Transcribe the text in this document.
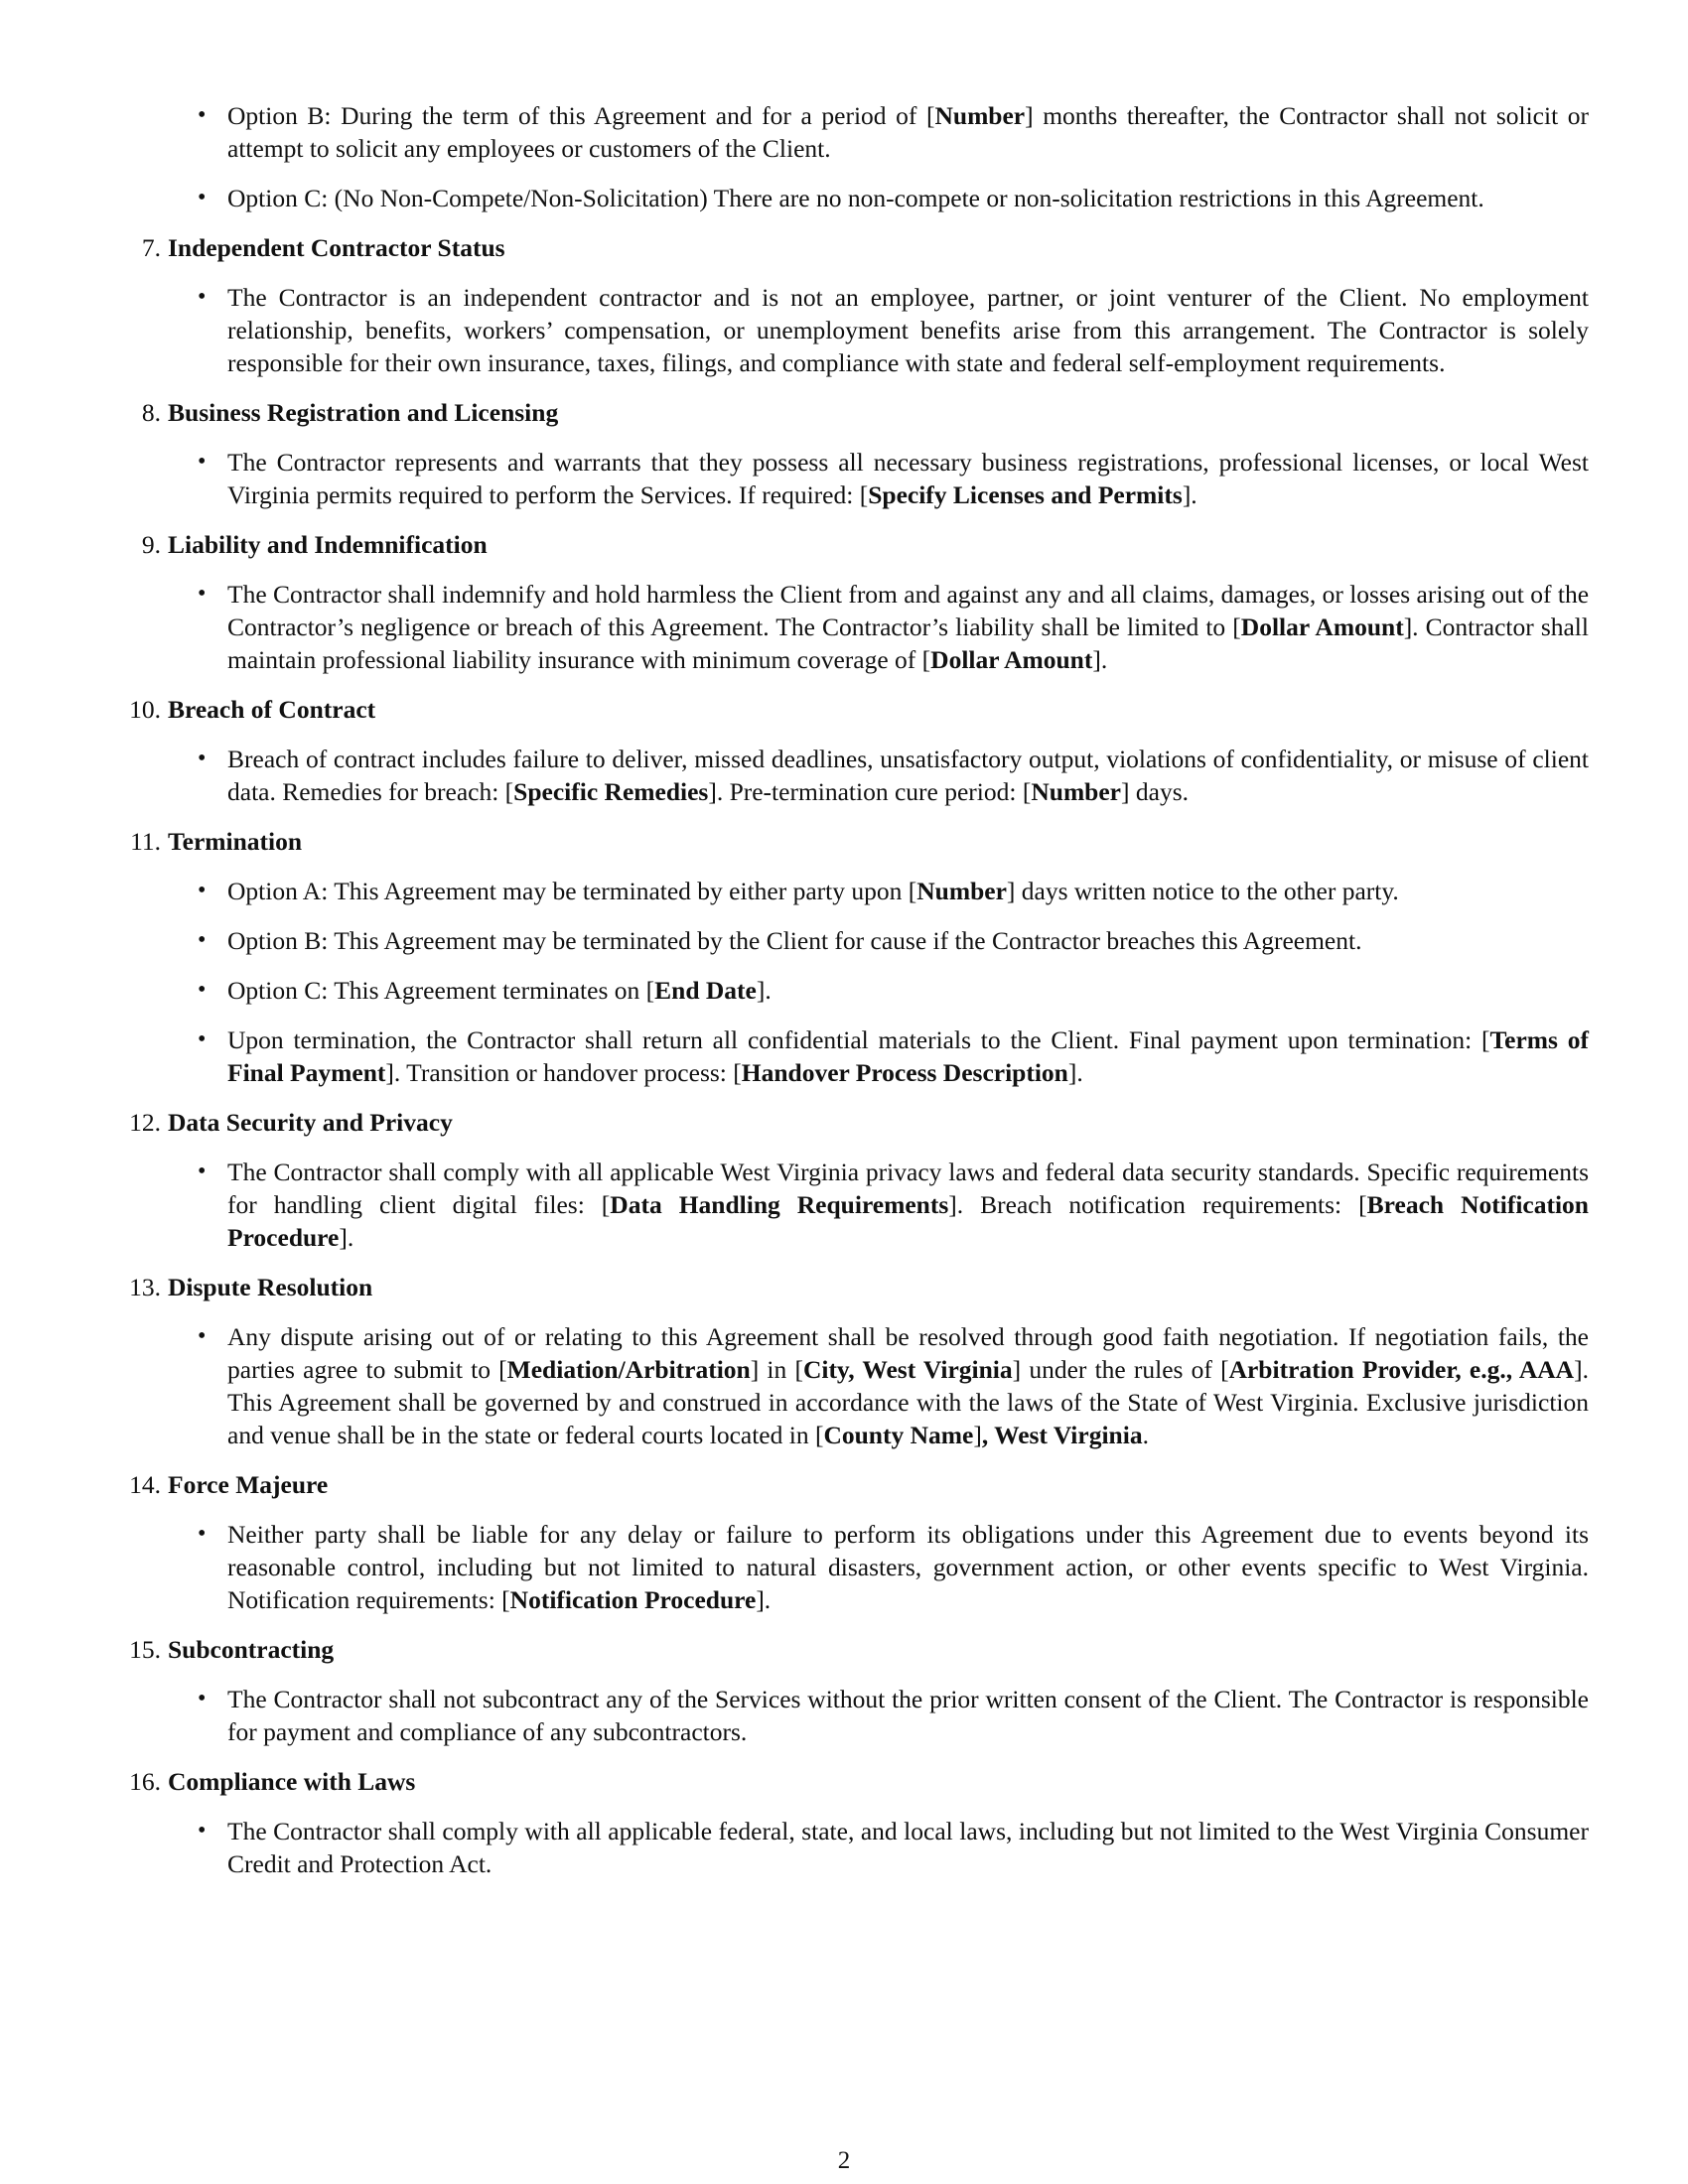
• Option B: During the term of this Agreement and for a period of [Number] months thereafter, the Contractor shall not solicit or attempt to solicit any employees or customers of the Client.
• Option C: (No Non-Compete/Non-Solicitation) There are no non-compete or non-solicitation restrictions in this Agreement.
7. Independent Contractor Status
• The Contractor is an independent contractor and is not an employee, partner, or joint venturer of the Client. No employment relationship, benefits, workers’ compensation, or unemployment benefits arise from this arrangement. The Contractor is solely responsible for their own insurance, taxes, filings, and compliance with state and federal self-employment requirements.
8. Business Registration and Licensing
• The Contractor represents and warrants that they possess all necessary business registrations, professional licenses, or local West Virginia permits required to perform the Services. If required: [Specify Licenses and Permits].
9. Liability and Indemnification
• The Contractor shall indemnify and hold harmless the Client from and against any and all claims, damages, or losses arising out of the Contractor’s negligence or breach of this Agreement. The Contractor’s liability shall be limited to [Dollar Amount]. Contractor shall maintain professional liability insurance with minimum coverage of [Dollar Amount].
10. Breach of Contract
• Breach of contract includes failure to deliver, missed deadlines, unsatisfactory output, violations of confidentiality, or misuse of client data. Remedies for breach: [Specific Remedies]. Pre-termination cure period: [Number] days.
11. Termination
• Option A: This Agreement may be terminated by either party upon [Number] days written notice to the other party.
• Option B: This Agreement may be terminated by the Client for cause if the Contractor breaches this Agreement.
• Option C: This Agreement terminates on [End Date].
• Upon termination, the Contractor shall return all confidential materials to the Client. Final payment upon termination: [Terms of Final Payment]. Transition or handover process: [Handover Process Description].
12. Data Security and Privacy
• The Contractor shall comply with all applicable West Virginia privacy laws and federal data security standards. Specific requirements for handling client digital files: [Data Handling Requirements]. Breach notification requirements: [Breach Notification Procedure].
13. Dispute Resolution
• Any dispute arising out of or relating to this Agreement shall be resolved through good faith negotiation. If negotiation fails, the parties agree to submit to [Mediation/Arbitration] in [City, West Virginia] under the rules of [Arbitration Provider, e.g., AAA]. This Agreement shall be governed by and construed in accordance with the laws of the State of West Virginia. Exclusive jurisdiction and venue shall be in the state or federal courts located in [County Name], West Virginia.
14. Force Majeure
• Neither party shall be liable for any delay or failure to perform its obligations under this Agreement due to events beyond its reasonable control, including but not limited to natural disasters, government action, or other events specific to West Virginia. Notification requirements: [Notification Procedure].
15. Subcontracting
• The Contractor shall not subcontract any of the Services without the prior written consent of the Client. The Contractor is responsible for payment and compliance of any subcontractors.
16. Compliance with Laws
• The Contractor shall comply with all applicable federal, state, and local laws, including but not limited to the West Virginia Consumer Credit and Protection Act.
2
